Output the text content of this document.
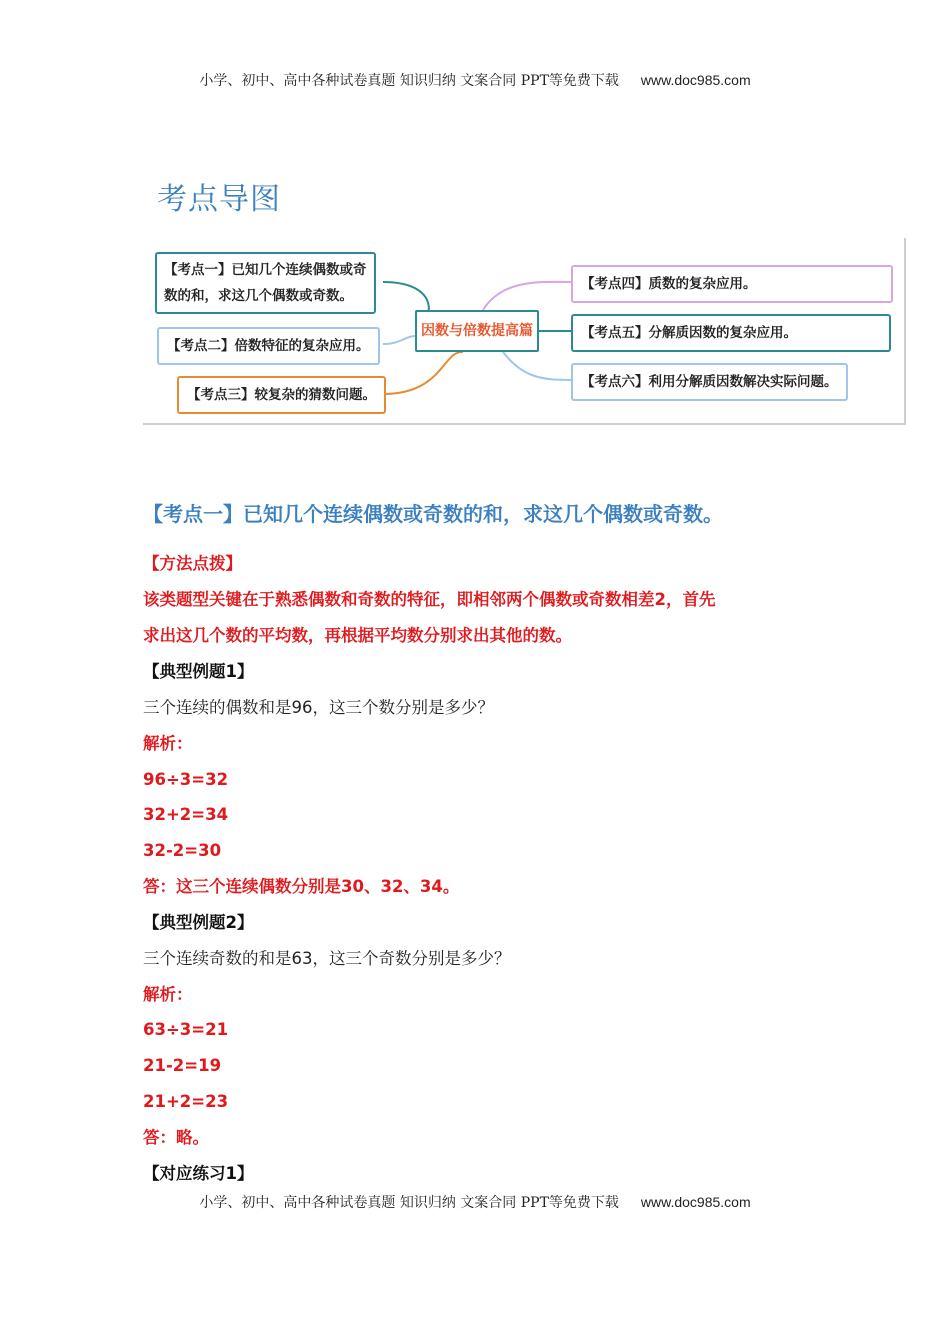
小学、初中、高中各种试卷真题 知识归纳 文案合同 PPT等免费下载 www.doc985.com
考点导图
【考点一】已知几个连续偶数或奇
数的和，求这几个偶数或奇数。
【考点二】倍数特征的复杂应用。
【考点三】较复杂的猜数问题。
因数与倍数提高篇
【考点四】质数的复杂应用。
【考点五】分解质因数的复杂应用。
【考点六】利用分解质因数解决实际问题。
【考点一】已知几个连续偶数或奇数的和，求这几个偶数或奇数。
【方法点拨】
该类题型关键在于熟悉偶数和奇数的特征，即相邻两个偶数或奇数相差2，首先
求出这几个数的平均数，再根据平均数分别求出其他的数。
【典型例题1】
三个连续的偶数和是96，这三个数分别是多少？
解析：
96÷3=32
32+2=34
32-2=30
答：这三个连续偶数分别是30、32、34。
【典型例题2】
三个连续奇数的和是63，这三个奇数分别是多少？
解析：
63÷3=21
21-2=19
21+2=23
答：略。
【对应练习1】
小学、初中、高中各种试卷真题 知识归纳 文案合同 PPT等免费下载 www.doc985.com
